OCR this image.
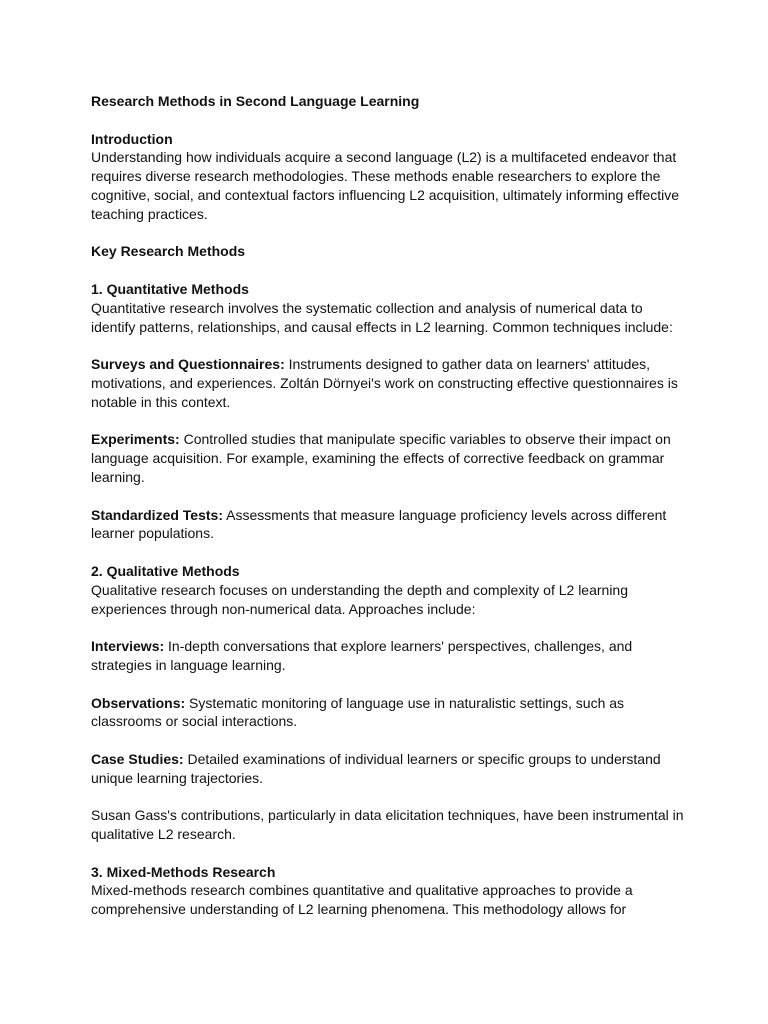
Research Methods in Second Language Learning

Introduction

Understanding how individuals acquire a second language (L2) is a multifaceted endeavor that requires diverse research methodologies. These methods enable researchers to explore the cognitive, social, and contextual factors influencing L2 acquisition, ultimately informing effective teaching practices.

Key Research Methods

1. Quantitative Methods

Quantitative research involves the systematic collection and analysis of numerical data to identify patterns, relationships, and causal effects in L2 learning. Common techniques include:

Surveys and Questionnaires: Instruments designed to gather data on learners' attitudes, motivations, and experiences. Zoltán Dörnyei's work on constructing effective questionnaires is notable in this context.

Experiments: Controlled studies that manipulate specific variables to observe their impact on language acquisition. For example, examining the effects of corrective feedback on grammar learning.

Standardized Tests: Assessments that measure language proficiency levels across different learner populations.

2. Qualitative Methods

Qualitative research focuses on understanding the depth and complexity of L2 learning experiences through non-numerical data. Approaches include:

Interviews: In-depth conversations that explore learners' perspectives, challenges, and strategies in language learning.

Observations: Systematic monitoring of language use in naturalistic settings, such as classrooms or social interactions.

Case Studies: Detailed examinations of individual learners or specific groups to understand unique learning trajectories.

Susan Gass's contributions, particularly in data elicitation techniques, have been instrumental in qualitative L2 research.

3. Mixed-Methods Research

Mixed-methods research combines quantitative and qualitative approaches to provide a comprehensive understanding of L2 learning phenomena. This methodology allows for
